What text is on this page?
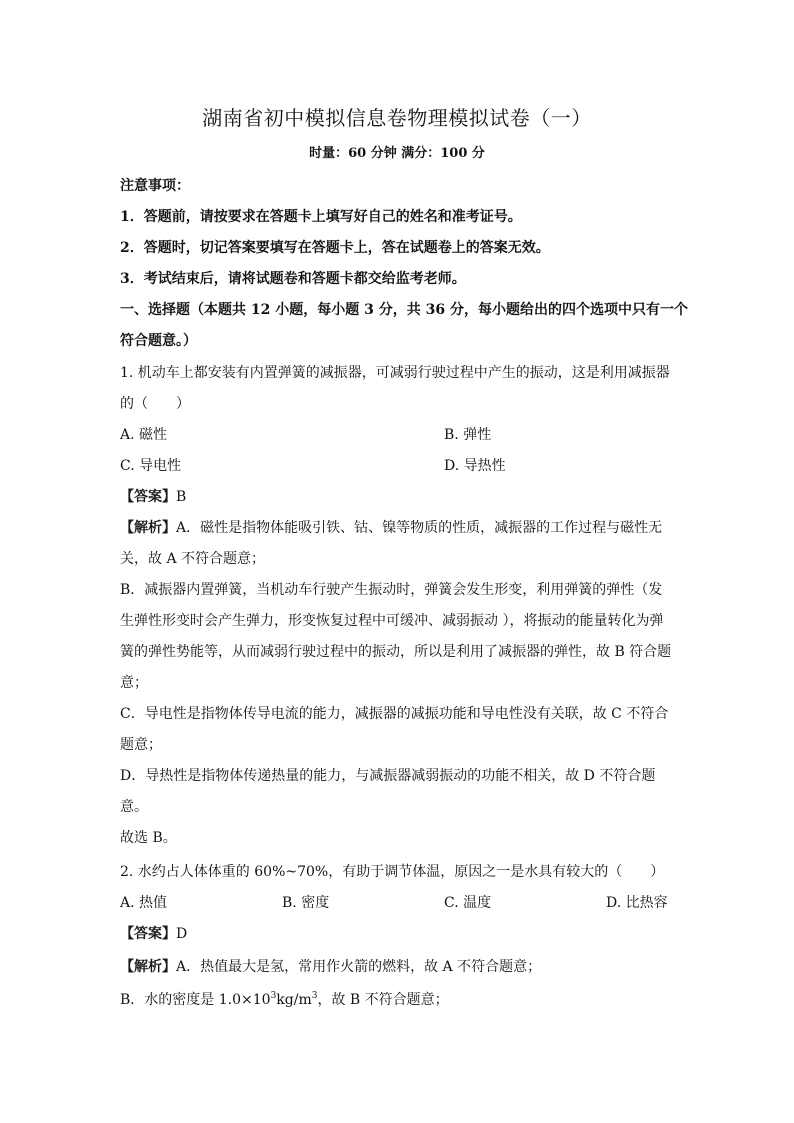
湖南省初中模拟信息卷物理模拟试卷（一）
时量：60 分钟 满分：100 分
注意事项：
1．答题前，请按要求在答题卡上填写好自己的姓名和准考证号。
2．答题时，切记答案要填写在答题卡上，答在试题卷上的答案无效。
3．考试结束后，请将试题卷和答题卡都交给监考老师。
一、选择题（本题共 12 小题，每小题 3 分，共 36 分，每小题给出的四个选项中只有一个
符合题意。）
1. 机动车上都安装有内置弹簧的减振器，可减弱行驶过程中产生的振动，这是利用减振器
的（　　）
A. 磁性	B. 弹性
C. 导电性	D. 导热性
【答案】B
【解析】A．磁性是指物体能吸引铁、钴、镍等物质的性质，减振器的工作过程与磁性无
关，故 A 不符合题意；
B．减振器内置弹簧，当机动车行驶产生振动时，弹簧会发生形变，利用弹簧的弹性（发
生弹性形变时会产生弹力，形变恢复过程中可缓冲、减弱振动 ），将振动的能量转化为弹
簧的弹性势能等，从而减弱行驶过程中的振动，所以是利用了减振器的弹性，故 B 符合题
意；
C．导电性是指物体传导电流的能力，减振器的减振功能和导电性没有关联，故 C 不符合
题意；
D．导热性是指物体传递热量的能力，与减振器减弱振动的功能不相关，故 D 不符合题
意。
故选 B。
2. 水约占人体体重的 60%~70%，有助于调节体温，原因之一是水具有较大的（　　）
A. 热值	B. 密度	C. 温度	D. 比热容
【答案】D
【解析】A．热值最大是氢，常用作火箭的燃料，故 A 不符合题意；
B．水的密度是 $1.0\times 10^3kg/m^3$，故 B 不符合题意；
